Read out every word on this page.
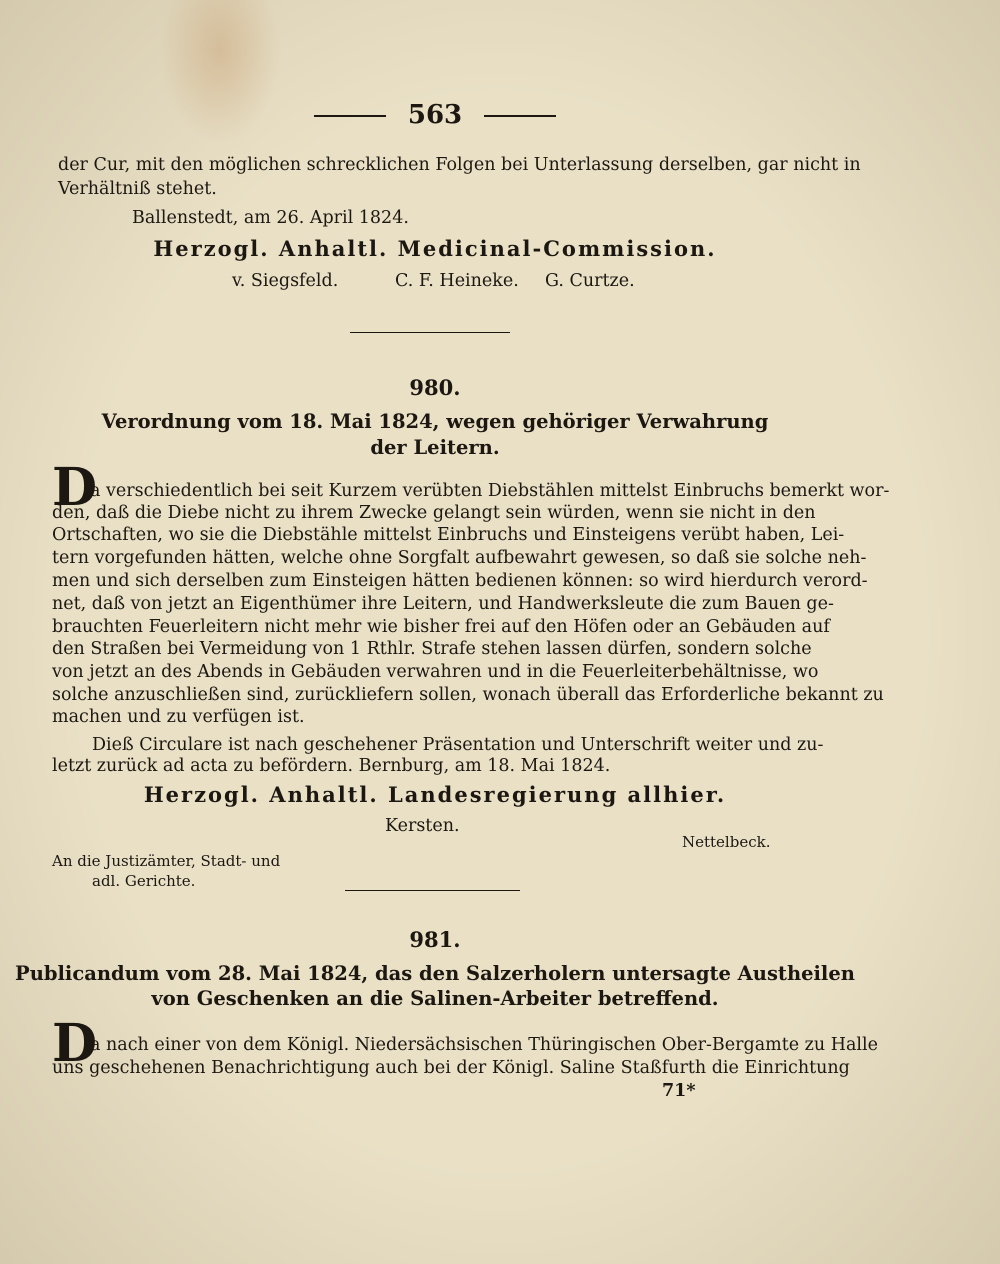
563
der Cur, mit den möglichen schrecklichen Folgen bei Unterlassung derselben, gar nicht in
Verhältniß stehet.
Ballenstedt, am 26. April 1824.
Herzogl. Anhaltl. Medicinal-Commission.
v. Siegsfeld.	C. F. Heineke. G. Curtze.
980.
Verordnung vom 18. Mai 1824, wegen gehöriger Verwahrung
der Leitern.
D
a verschiedentlich bei seit Kurzem verübten Diebstählen mittelst Einbruchs bemerkt wor-
den, daß die Diebe nicht zu ihrem Zwecke gelangt sein würden, wenn sie nicht in den
Ortschaften, wo sie die Diebstähle mittelst Einbruchs und Einsteigens verübt haben, Lei-
tern vorgefunden hätten, welche ohne Sorgfalt aufbewahrt gewesen, so daß sie solche neh-
men und sich derselben zum Einsteigen hätten bedienen können: so wird hierdurch verord-
net, daß von jetzt an Eigenthümer ihre Leitern, und Handwerksleute die zum Bauen ge-
brauchten Feuerleitern nicht mehr wie bisher frei auf den Höfen oder an Gebäuden auf
den Straßen bei Vermeidung von 1 Rthlr. Strafe stehen lassen dürfen, sondern solche
von jetzt an des Abends in Gebäuden verwahren und in die Feuerleiterbehältnisse, wo
solche anzuschließen sind, zurückliefern sollen, wonach überall das Erforderliche bekannt zu
machen und zu verfügen ist.
Dieß Circulare ist nach geschehener Präsentation und Unterschrift weiter und zu-
letzt zurück ad acta zu befördern. Bernburg, am 18. Mai 1824.
Herzogl. Anhaltl. Landesregierung allhier.
Kersten.
Nettelbeck.
An die Justizämter, Stadt- und
adl. Gerichte.
981.
Publicandum vom 28. Mai 1824, das den Salzerholern untersagte Austheilen
von Geschenken an die Salinen-Arbeiter betreffend.
D
a nach einer von dem Königl. Niedersächsischen Thüringischen Ober-Bergamte zu Halle
uns geschehenen Benachrichtigung auch bei der Königl. Saline Staßfurth die Einrichtung
71*
